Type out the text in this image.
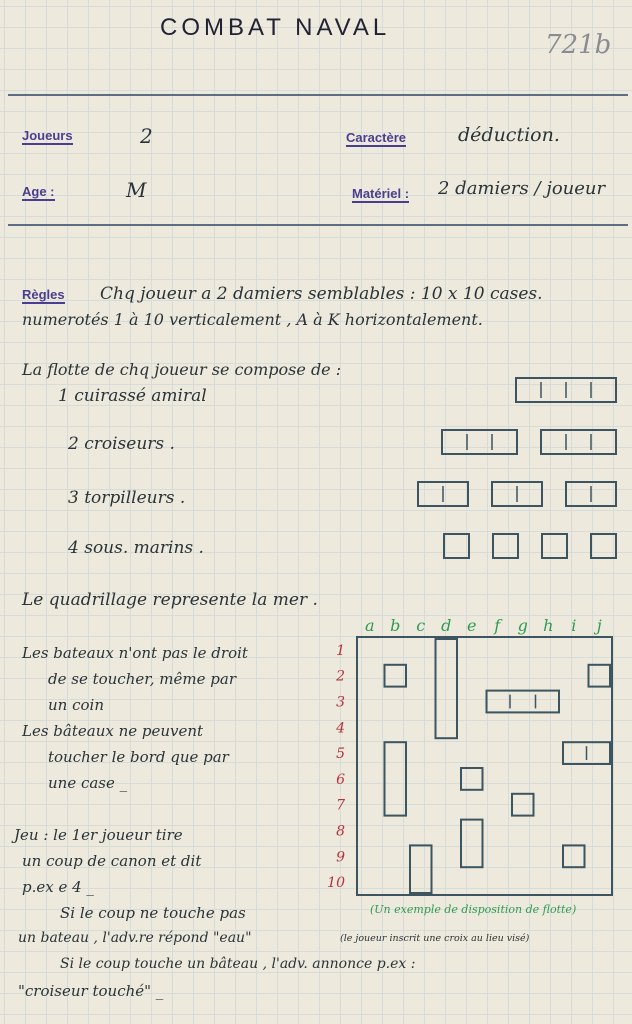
COMBAT NAVAL
721b
Joueurs	2	Caractère	déduction.
Age :	M	Matériel : 2 damiers / joueur
Règles Chq joueur a 2 damiers semblables : 10 x 10 cases.
numerotés 1 à 10 verticalement , A à K horizontalement.
La flotte de chq joueur se compose de :
1 cuirassé amiral
2 croiseurs .
3 torpilleurs .
4 sous. marins .
Le quadrillage represente la mer .
Les bateaux n'ont pas le droit
de se toucher, même par
un coin
Les bâteaux ne peuvent
toucher le bord que par
une case _
Jeu : le 1er joueur tire
un coup de canon et dit
p.ex e 4 _
Si le coup ne touche pas
un bateau , l'adv.re répond "eau"	(le joueur inscrit une croix au lieu visé)
Si le coup touche un bâteau , l'adv. annonce p.ex :
"croiseur touché" _
(Un exemple de disposition de flotte)
a b c d e f g h i j
1
2
3
4
5
6
7
8
9
10
